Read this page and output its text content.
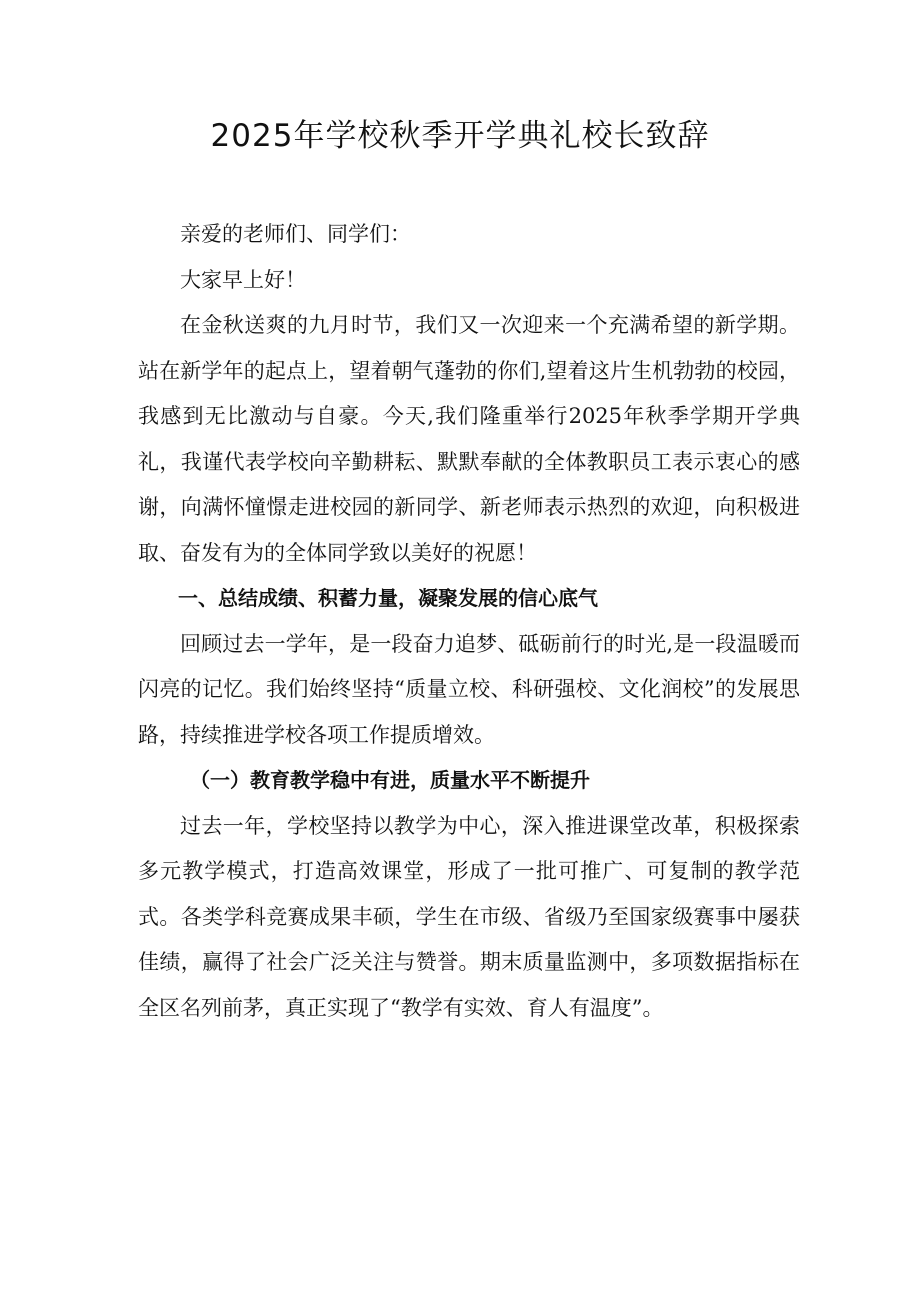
2025年学校秋季开学典礼校长致辞

亲爱的老师们、同学们：

大家早上好！

在金秋送爽的九月时节，我们又一次迎来一个充满希望的新学期。站在新学年的起点上，望着朝气蓬勃的你们,望着这片生机勃勃的校园，我感到无比激动与自豪。今天,我们隆重举行2025年秋季学期开学典礼，我谨代表学校向辛勤耕耘、默默奉献的全体教职员工表示衷心的感谢，向满怀憧憬走进校园的新同学、新老师表示热烈的欢迎，向积极进取、奋发有为的全体同学致以美好的祝愿！

一、总结成绩、积蓄力量，凝聚发展的信心底气

回顾过去一学年，是一段奋力追梦、砥砺前行的时光,是一段温暖而闪亮的记忆。我们始终坚持“质量立校、科研强校、文化润校”的发展思路，持续推进学校各项工作提质增效。

（一）教育教学稳中有进，质量水平不断提升

过去一年，学校坚持以教学为中心，深入推进课堂改革，积极探索多元教学模式，打造高效课堂，形成了一批可推广、可复制的教学范式。各类学科竞赛成果丰硕，学生在市级、省级乃至国家级赛事中屡获佳绩，赢得了社会广泛关注与赞誉。期末质量监测中，多项数据指标在全区名列前茅，真正实现了“教学有实效、育人有温度”。
